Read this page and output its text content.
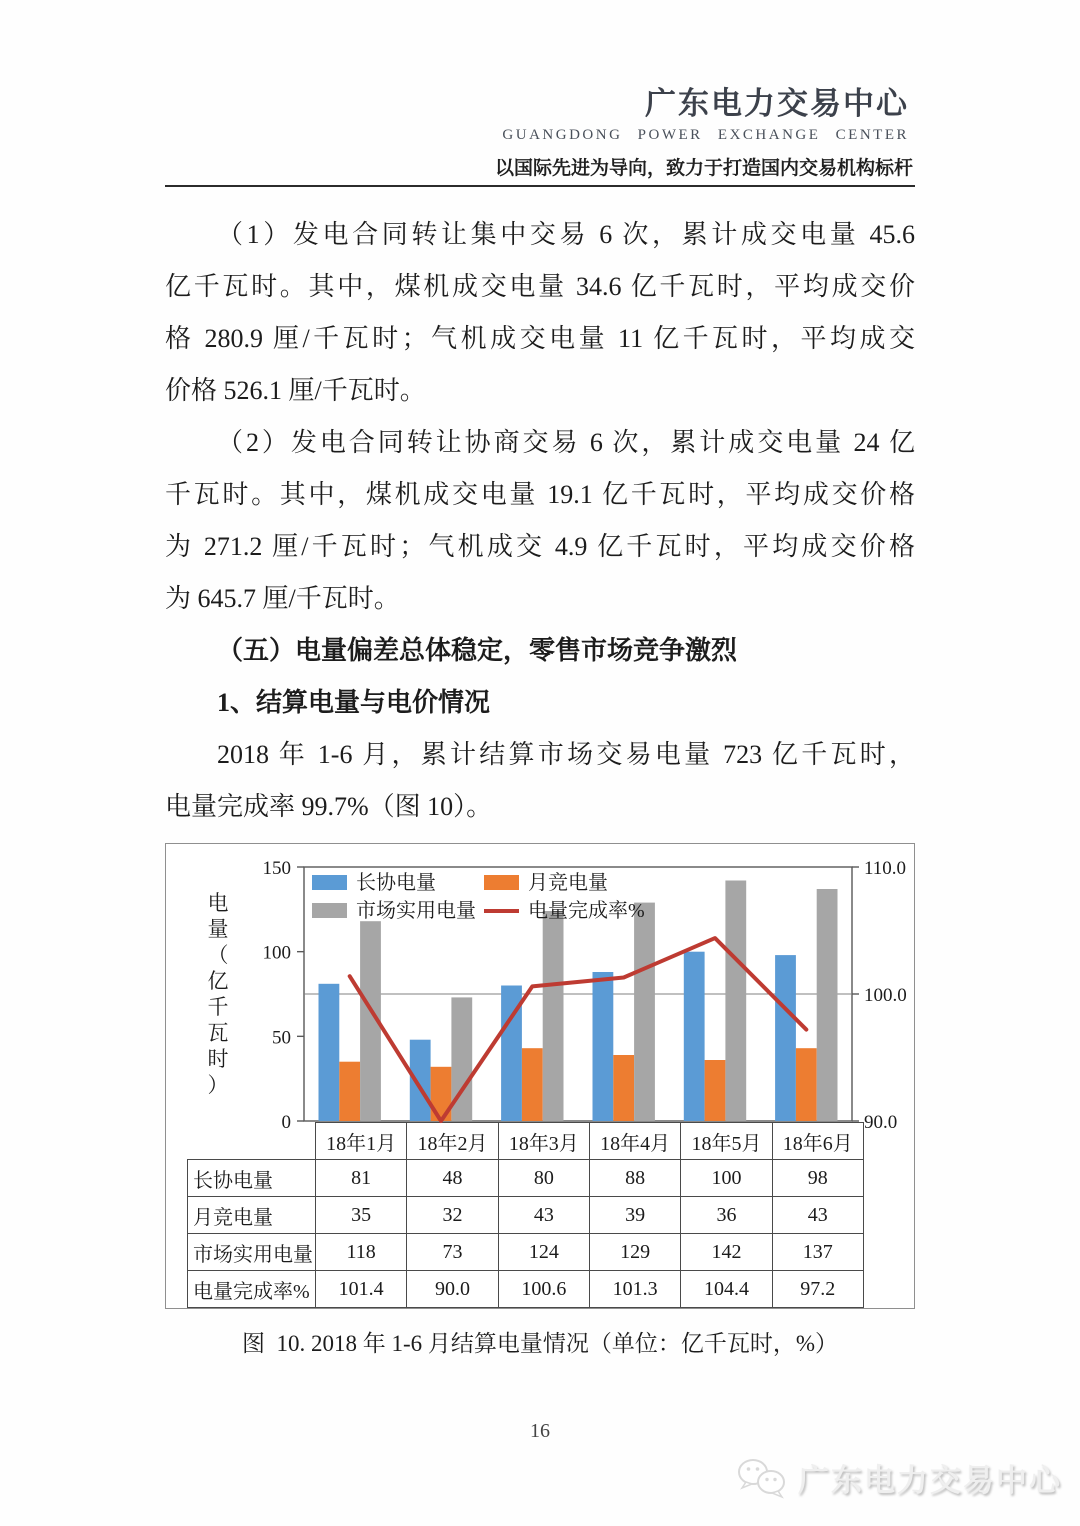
广东电力交易中心
GUANGDONG POWER EXCHANGE CENTER
以国际先进为导向，致力于打造国内交易机构标杆
（1）发电合同转让集中交易 6 次，累计成交电量 45.6
亿千瓦时。其中，煤机成交电量 34.6 亿千瓦时，平均成交价
格 280.9 厘/千瓦时；气机成交电量 11 亿千瓦时，平均成交
价格 526.1 厘/千瓦时。
（2）发电合同转让协商交易 6 次，累计成交电量 24 亿
千瓦时。其中，煤机成交电量 19.1 亿千瓦时，平均成交价格
为 271.2 厘/千瓦时；气机成交 4.9 亿千瓦时，平均成交价格
为 645.7 厘/千瓦时。
（五）电量偏差总体稳定，零售市场竞争激烈
1、结算电量与电价情况
2018 年 1-6 月，累计结算市场交易电量 723 亿千瓦时，
电量完成率 99.7%（图 10）。
0
50
100
150
90.0
100.0
110.0
电
量
（
亿
千
瓦
时
）
长协电量	月竞电量
市场实用电量	电量完成率%
	18年1月	18年2月	18年3月	18年4月	18年5月	18年6月
长协电量	81	48	80	88	100	98
月竞电量	35	32	43	39	36	43
市场实用电量	118	73	124	129	142	137
电量完成率%	101.4	90.0	100.6	101.3	104.4	97.2
图  10. 2018 年 1-6 月结算电量情况（单位：亿千瓦时，%）
16
广东电力交易中心
